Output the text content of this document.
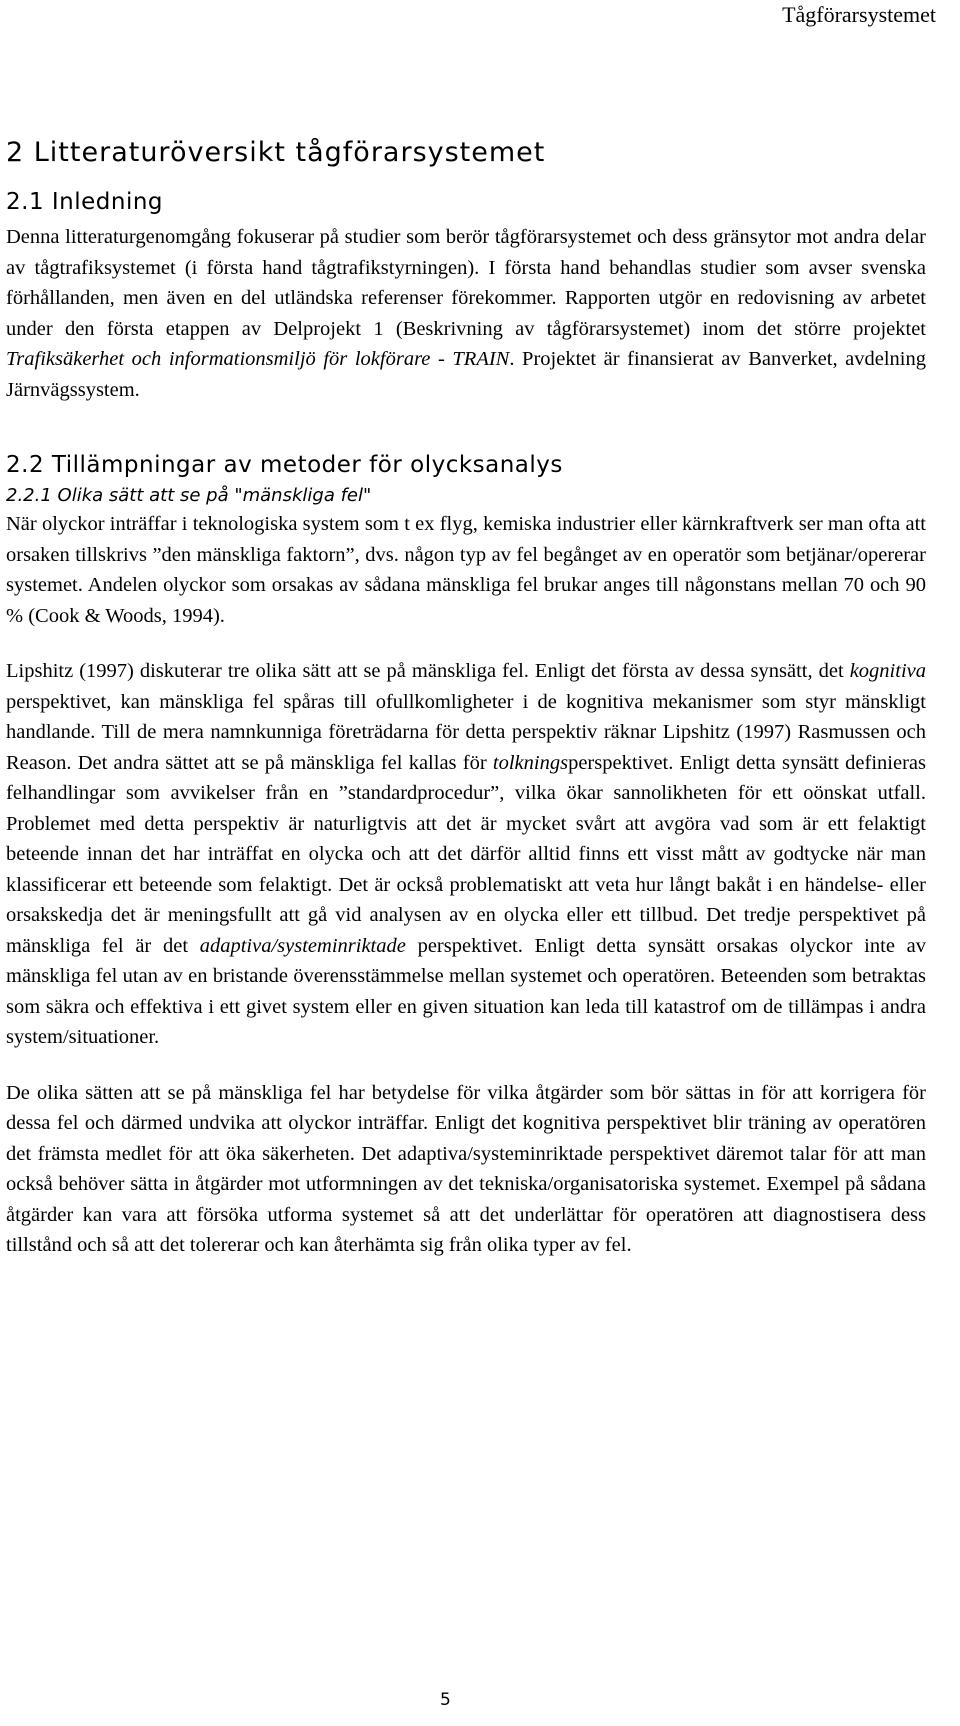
Tågförarsystemet
2 Litteraturöversikt tågförarsystemet
2.1 Inledning

Denna litteraturgenomgång fokuserar på studier som berör tågförarsystemet och dess gränsytor mot andra delar av tågtrafiksystemet (i första hand tågtrafikstyrningen). I första hand behandlas studier som avser svenska förhållanden, men även en del utländska referenser förekommer. Rapporten utgör en redovisning av arbetet under den första etappen av Delprojekt 1 (Beskrivning av tågförarsystemet) inom det större projektet Trafiksäkerhet och informationsmiljö för lokförare - TRAIN. Projektet är finansierat av Banverket, avdelning Järnvägssystem.

2.2 Tillämpningar av metoder för olycksanalys
2.2.1 Olika sätt att se på "mänskliga fel"

När olyckor inträffar i teknologiska system som t ex flyg, kemiska industrier eller kärnkraftverk ser man ofta att orsaken tillskrivs ”den mänskliga faktorn”, dvs. någon typ av fel begånget av en operatör som betjänar/opererar systemet. Andelen olyckor som orsakas av sådana mänskliga fel brukar anges till någonstans mellan 70 och 90 % (Cook & Woods, 1994).

Lipshitz (1997) diskuterar tre olika sätt att se på mänskliga fel. Enligt det första av dessa synsätt, det kognitiva perspektivet, kan mänskliga fel spåras till ofullkomligheter i de kognitiva mekanismer som styr mänskligt handlande. Till de mera namnkunniga företrädarna för detta perspektiv räknar Lipshitz (1997) Rasmussen och Reason. Det andra sättet att se på mänskliga fel kallas för tolkningsperspektivet. Enligt detta synsätt definieras felhandlingar som avvikelser från en ”standardprocedur”, vilka ökar sannolikheten för ett oönskat utfall. Problemet med detta perspektiv är naturligtvis att det är mycket svårt att avgöra vad som är ett felaktigt beteende innan det har inträffat en olycka och att det därför alltid finns ett visst mått av godtycke när man klassificerar ett beteende som felaktigt. Det är också problematiskt att veta hur långt bakåt i en händelse- eller orsakskedja det är meningsfullt att gå vid analysen av en olycka eller ett tillbud. Det tredje perspektivet på mänskliga fel är det adaptiva/systeminriktade perspektivet. Enligt detta synsätt orsakas olyckor inte av mänskliga fel utan av en bristande överensstämmelse mellan systemet och operatören. Beteenden som betraktas som säkra och effektiva i ett givet system eller en given situation kan leda till katastrof om de tillämpas i andra system/situationer.

De olika sätten att se på mänskliga fel har betydelse för vilka åtgärder som bör sättas in för att korrigera för dessa fel och därmed undvika att olyckor inträffar. Enligt det kognitiva perspektivet blir träning av operatören det främsta medlet för att öka säkerheten. Det adaptiva/systeminriktade perspektivet däremot talar för att man också behöver sätta in åtgärder mot utformningen av det tekniska/organisatoriska systemet. Exempel på sådana åtgärder kan vara att försöka utforma systemet så att det underlättar för operatören att diagnostisera dess tillstånd och så att det tolererar och kan återhämta sig från olika typer av fel.

5
